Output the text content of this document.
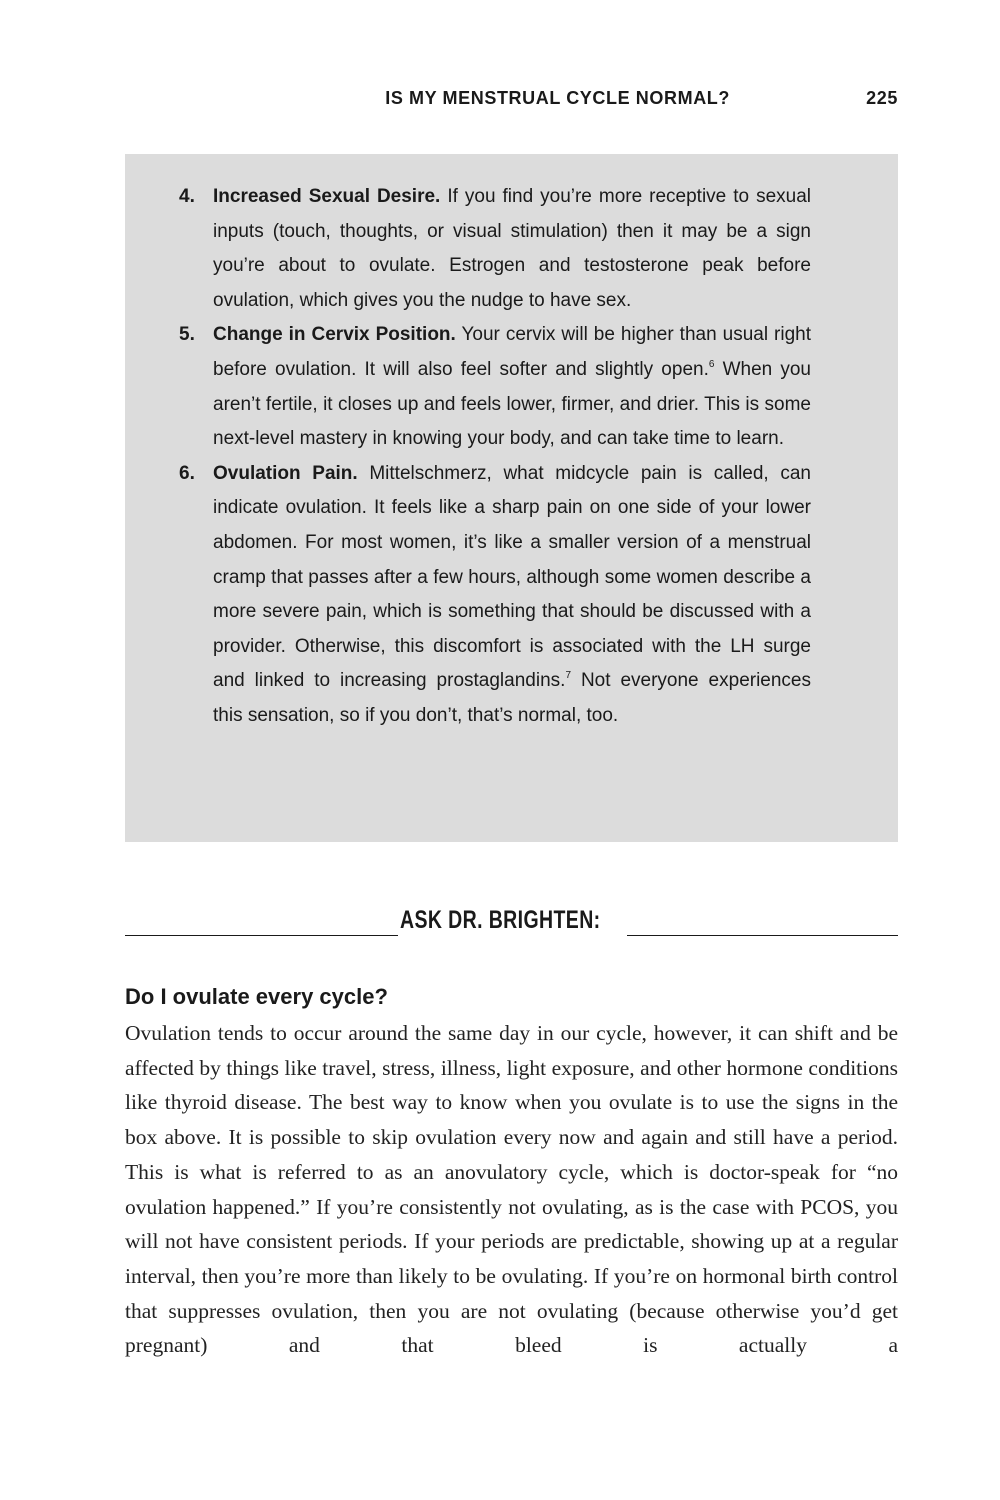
IS MY MENSTRUAL CYCLE NORMAL?	225
4. Increased Sexual Desire. If you find you’re more receptive to sexual inputs (touch, thoughts, or visual stimulation) then it may be a sign you’re about to ovulate. Estrogen and testosterone peak before ovulation, which gives you the nudge to have sex.
5. Change in Cervix Position. Your cervix will be higher than usual right before ovulation. It will also feel softer and slightly open.$^6$ When you aren’t fertile, it closes up and feels lower, firmer, and drier. This is some next-level mastery in knowing your body, and can take time to learn.
6. Ovulation Pain. Mittelschmerz, what midcycle pain is called, can indicate ovulation. It feels like a sharp pain on one side of your lower abdomen. For most women, it’s like a smaller version of a menstrual cramp that passes after a few hours, although some women describe a more severe pain, which is something that should be discussed with a provider. Otherwise, this discomfort is associated with the LH surge and linked to increasing prostaglandins.$^7$ Not everyone experiences this sensation, so if you don’t, that’s normal, too.
ASK DR. BRIGHTEN:
Do I ovulate every cycle?

Ovulation tends to occur around the same day in our cycle, however, it can shift and be affected by things like travel, stress, illness, light exposure, and other hormone conditions like thyroid disease. The best way to know when you ovulate is to use the signs in the box above. It is possible to skip ovulation every now and again and still have a period. This is what is referred to as an anovulatory cycle, which is doctor-speak for “no ovulation happened.” If you’re consistently not ovulating, as is the case with PCOS, you will not have consistent periods. If your periods are predictable, showing up at a regular interval, then you’re more than likely to be ovulating. If you’re on hormonal birth control that suppresses ovulation, then you are not ovulating (because otherwise you’d get pregnant) and that bleed is actually a
